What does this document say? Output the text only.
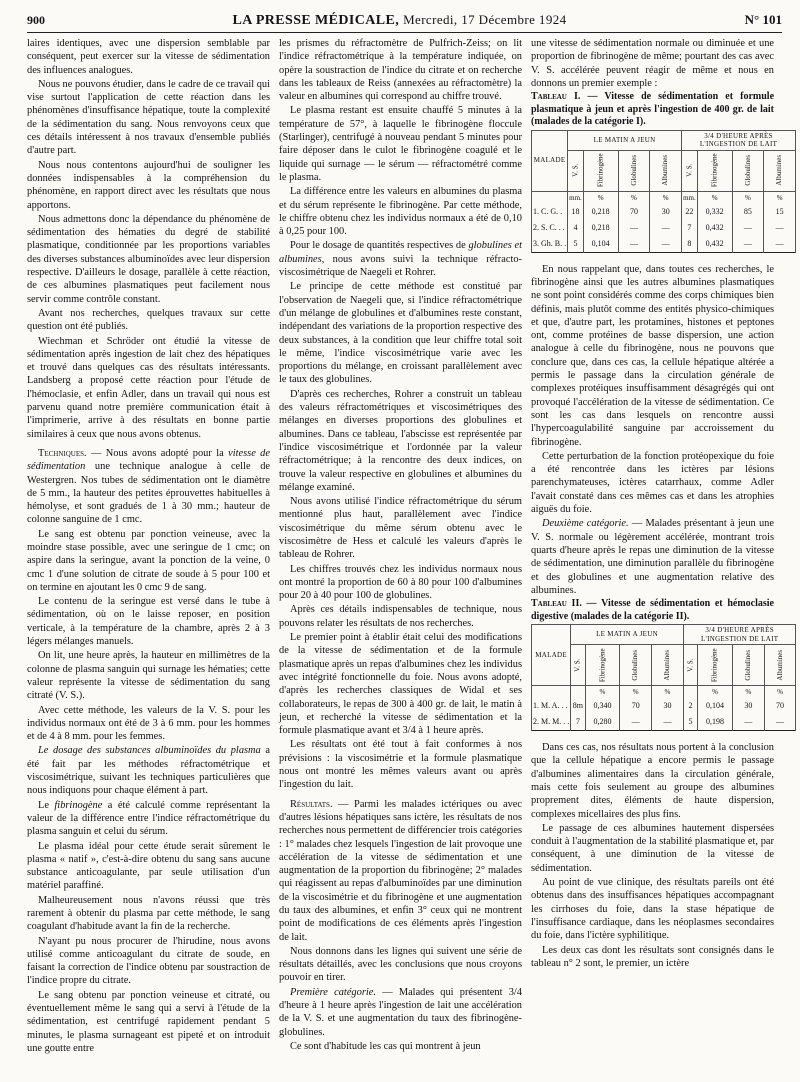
900	LA PRESSE MÉDICALE, Mercredi, 17 Décembre 1924	N° 101

laires identiques, avec une dispersion semblable par conséquent, peut exercer sur la vitesse de sédimentation des influences analogues.

Nous ne pouvons étudier, dans le cadre de ce travail qui vise surtout l'application de cette réaction dans les phénomènes d'insuffisance hépatique, toute la complexité de la sédimentation du sang. Nous renvoyons ceux que ces détails intéressent à nos travaux d'ensemble publiés d'autre part.

Nous nous contentons aujourd'hui de souligner les données indispensables à la compréhension du phénomène, en rapport direct avec les résultats que nous apportons.

Nous admettons donc la dépendance du phénomène de sédimentation des hématies du degré de stabilité plasmatique, conditionnée par les proportions variables des diverses substances albuminoïdes avec leur dispersion respective. D'ailleurs le dosage, parallèle à cette réaction, de ces albumines plasmatiques peut facilement nous servir comme contrôle constant.

Avant nos recherches, quelques travaux sur cette question ont été publiés.

Wiechman et Schröder ont étudié la vitesse de sédimentation après ingestion de lait chez des hépatiques et trouvé dans quelques cas des résultats intéressants. Landsberg a proposé cette réaction pour l'étude de l'hémoclasie, et enfin Adler, dans un travail qui nous est parvenu quand notre première communication était à l'imprimerie, arrive à des résultats en bonne partie similaires à ceux que nous avons obtenus.

Techniques. — Nous avons adopté pour la vitesse de sédimentation une technique analogue à celle de Westergren. Nos tubes de sédimentation ont le diamètre de 5 mm., la hauteur des petites éprouvettes habituelles à hémolyse, et sont gradués de 1 à 30 mm.; hauteur de colonne sanguine de 1 cmc.

Le sang est obtenu par ponction veineuse, avec la moindre stase possible, avec une seringue de 1 cmc; on aspire dans la seringue, avant la ponction de la veine, 0 cmc 1 d'une solution de citrate de soude à 5 pour 100 et on termine en ajoutant les 0 cmc 9 de sang.

Le contenu de la seringue est versé dans le tube à sédimentation, où on le laisse reposer, en position verticale, à la température de la chambre, après 2 à 3 légers mélanges manuels.

On lit, une heure après, la hauteur en millimètres de la colonne de plasma sanguin qui surnage les hématies; cette valeur représente la vitesse de sédimentation du sang citraté (V. S.).

Avec cette méthode, les valeurs de la V. S. pour les individus normaux ont été de 3 à 6 mm. pour les hommes et de 4 à 8 mm. pour les femmes.

Le dosage des substances albuminoïdes du plasma a été fait par les méthodes réfractométrique et viscosimétrique, suivant les techniques particulières que nous indiquons pour chaque élément à part.

Le fibrinogène a été calculé comme représentant la valeur de la différence entre l'indice réfractométrique du plasma sanguin et celui du sérum.

Le plasma idéal pour cette étude serait sûrement le plasma « natif », c'est-à-dire obtenu du sang sans aucune substance anticoagulante, par seule utilisation d'un matériel paraffiné.

Malheureusement nous n'avons réussi que très rarement à obtenir du plasma par cette méthode, le sang coagulant d'habitude avant la fin de la recherche.

N'ayant pu nous procurer de l'hirudine, nous avons utilisé comme anticoagulant du citrate de soude, en faisant la correction de l'indice obtenu par soustraction de l'indice propre du citrate.

Le sang obtenu par ponction veineuse et citraté, ou éventuellement même le sang qui a servi à l'étude de la sédimentation, est centrifugé rapidement pendant 5 minutes, le plasma surnageant est pipeté et on introduit une goutte entre

les prismes du réfractomètre de Pulfrich-Zeiss; on lit l'indice réfractométrique à la température indiquée, on opère la soustraction de l'indice du citrate et on recherche dans les tableaux de Reiss (annexées au réfractomètre) la valeur en albumines qui correspond au chiffre trouvé.

Le plasma restant est ensuite chauffé 5 minutes à la température de 57°, à laquelle le fibrinogène floccule (Starlinger), centrifugé à nouveau pendant 5 minutes pour faire déposer dans le culot le fibrinogène coagulé et le liquide qui surnage — le sérum — réfractométré comme le plasma.

La différence entre les valeurs en albumines du plasma et du sérum représente le fibrinogène. Par cette méthode, le chiffre obtenu chez les individus normaux a été de 0,10 à 0,25 pour 100.

Pour le dosage de quantités respectives de globulines et albumines, nous avons suivi la technique réfracto-viscosimétrique de Naegeli et Rohrer.

Le principe de cette méthode est constitué par l'observation de Naegeli que, si l'indice réfractométrique d'un mélange de globulines et d'albumines reste constant, indépendant des variations de la proportion respective des deux substances, à la condition que leur chiffre total soit le même, l'indice viscosimétrique varie avec les proportions du mélange, en croissant parallèlement avec le taux des globulines.

D'après ces recherches, Rohrer a construit un tableau des valeurs réfractométriques et viscosimétriques des mélanges en diverses proportions des globulines et albumines. Dans ce tableau, l'abscisse est représentée par l'indice viscosimétrique et l'ordonnée par la valeur réfractométrique; à la rencontre des deux indices, on trouve la valeur respective en globulines et albumines du mélange examiné.

Nous avons utilisé l'indice réfractométrique du sérum mentionné plus haut, parallèlement avec l'indice viscosimétrique du même sérum obtenu avec le viscosimètre de Hess et calculé les valeurs d'après le tableau de Rohrer.

Les chiffres trouvés chez les individus normaux nous ont montré la proportion de 60 à 80 pour 100 d'albumines pour 20 à 40 pour 100 de globulines.

Après ces détails indispensables de technique, nous pouvons relater les résultats de nos recherches.

Le premier point à établir était celui des modifications de la vitesse de sédimentation et de la formule plasmatique après un repas d'albumines chez les individus avec intégrité fonctionnelle du foie. Nous avons adopté, d'après les recherches classiques de Widal et ses collaborateurs, le repas de 300 à 400 gr. de lait, le matin à jeun, et recherché la vitesse de sédimentation et la formule plasmatique avant et 3/4 à 1 heure après.

Les résultats ont été tout à fait conformes à nos prévisions : la viscosimétrie et la formule plasmatique nous ont montré les mêmes valeurs avant ou après l'ingestion du lait.

Résultats. — Parmi les malades ictériques ou avec d'autres lésions hépatiques sans ictère, les résultats de nos recherches nous permettent de différencier trois catégories : 1° malades chez lesquels l'ingestion de lait provoque une accélération de la vitesse de sédimentation et une augmentation de la proportion du fibrinogène; 2° malades qui réagissent au repas d'albuminoïdes par une diminution de la viscosimétrie et du fibrinogène et une augmentation du taux des albumines, et enfin 3° ceux qui ne montrent point de modifications de ces éléments après l'ingestion de lait.

Nous donnons dans les lignes qui suivent une série de résultats détaillés, avec les conclusions que nous croyons pouvoir en tirer.

Première catégorie. — Malades qui présentent 3/4 d'heure à 1 heure après l'ingestion de lait une accélération de la V. S. et une augmentation du taux des fibrinogène-globulines.

Ce sont d'habitude les cas qui montrent à jeun

une vitesse de sédimentation normale ou diminuée et une proportion de fibrinogène de même; pourtant des cas avec V. S. accélérée peuvent réagir de même et nous en donnons un premier exemple :

Tableau I. — Vitesse de sédimentation et formule plasmatique à jeun et après l'ingestion de 400 gr. de lait (malades de la catégorie I).

MALADE	LE MATIN A JEUN				3/4 D'HEURE APRÈS L'INGESTION DE LAIT			
	V. S.	Fibrinogène	Globulines	Albumines	V. S.	Fibrinogène	Globulines	Albumines
	mm.	%	%	%	mm.	%	%	%
1. C. G. .	18	0,218	70	30	22	0,332	85	15
2. S. C. . .	4	0,218	—	—	7	0,432	—	—
3. Gh. B. .	5	0,104	—	—	8	0,432	—	—

En nous rappelant que, dans toutes ces recherches, le fibrinogène ainsi que les autres albumines plasmatiques ne sont point considérés comme des corps chimiques bien définis, mais plutôt comme des entités physico-chimiques et que, d'autre part, les protamines, histones et peptones ont, comme protéines de basse dispersion, une action analogue à celle du fibrinogène, nous ne pouvons que conclure que, dans ces cas, la cellule hépatique altérée a permis le passage dans la circulation générale de complexes protéiques insuffisamment désagrégés qui ont provoqué l'accélération de la vitesse de sédimentation. Ce sont les cas dans lesquels on rencontre aussi l'hypercoagulabilité sanguine par accroissement du fibrinogène.

Cette perturbation de la fonction protéopexique du foie a été rencontrée dans les ictères par lésions parenchymateuses, ictères catarrhaux, comme Adler l'avait constaté dans ces mêmes cas et dans les atrophies aiguës du foie.

Deuxième catégorie. — Malades présentant à jeun une V. S. normale ou légèrement accélérée, montrant trois quarts d'heure après le repas une diminution de la vitesse de sédimentation, une diminution parallèle du fibrinogène et des globulines et une augmentation relative des albumines.

Tableau II. — Vitesse de sédimentation et hémoclasie digestive (malades de la catégorie II).

MALADE	LE MATIN A JEUN				3/4 D'HEURE APRÈS L'INGESTION DE LAIT			
	V. S.	Fibrinogène	Globulines	Albumines	V. S.	Fibrinogène	Globulines	Albumines
		%	%	%		%	%	%
1. M. A. . .	8m	0,340	70	30	2	0,104	30	70
2. M. M. . .	7	0,280	—	—	5	0,198	—	—

Dans ces cas, nos résultats nous portent à la conclusion que la cellule hépatique a encore permis le passage d'albumines alimentaires dans la circulation générale, mais cette fois seulement au groupe des albumines proprement dites, éléments de haute dispersion, complexes micellaires des plus fins.

Le passage de ces albumines hautement dispersées conduit à l'augmentation de la stabilité plasmatique et, par conséquent, à une diminution de la vitesse de sédimentation.

Au point de vue clinique, des résultats pareils ont été obtenus dans des insuffisances hépatiques accompagnant les cirrhoses du foie, dans la stase hépatique de l'insuffisance cardiaque, dans les néoplasmes secondaires du foie, dans l'ictère syphilitique.

Les deux cas dont les résultats sont consignés dans le tableau n° 2 sont, le premier, un ictère
